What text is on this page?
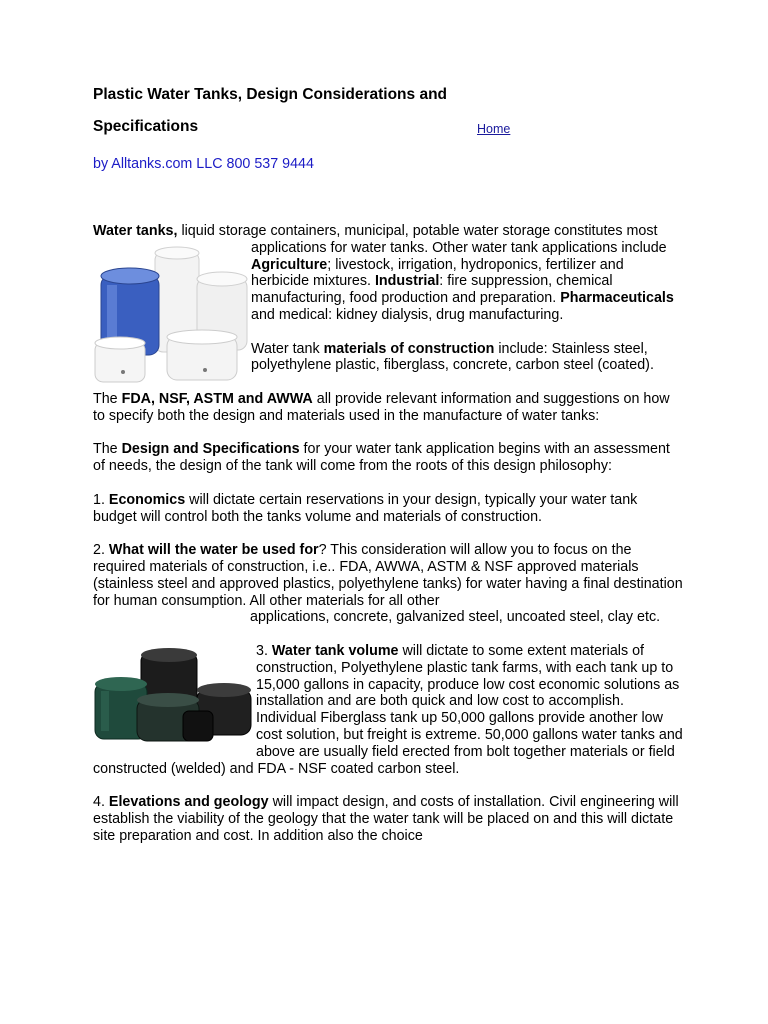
Plastic Water Tanks, Design Considerations and
Specifications	Home
by Alltanks.com LLC 800 537 9444

Water tanks, liquid storage containers, municipal, potable water storage constitutes most applications for water tanks. Other water tank applications include
Agriculture; livestock, irrigation, hydroponics, fertilizer and herbicide mixtures. Industrial: fire suppression, chemical manufacturing, food production and preparation. Pharmaceuticals and medical: kidney dialysis, drug manufacturing.

Water tank materials of construction include: Stainless steel, polyethylene plastic, fiberglass, concrete, carbon steel (coated).

The FDA, NSF, ASTM and AWWA all provide relevant information and suggestions on how to specify both the design and materials used in the manufacture of water tanks:

The Design and Specifications for your water tank application begins with an assessment of needs, the design of the tank will come from the roots of this design philosophy:

1. Economics will dictate certain reservations in your design, typically your water tank budget will control both the tanks volume and materials of construction.

2. What will the water be used for? This consideration will allow you to focus on the required materials of construction, i.e.. FDA, AWWA, ASTM & NSF approved materials (stainless steel and approved plastics, polyethylene tanks) for water having a final destination for human consumption. All other materials for all other

applications, concrete, galvanized steel, uncoated steel, clay etc.

3. Water tank volume will dictate to some extent materials of construction, Polyethylene plastic tank farms, with each tank up to 15,000 gallons in capacity, produce low cost economic solutions as installation and are both quick and low cost to accomplish. Individual Fiberglass tank up 50,000 gallons provide another low cost solution, but freight is extreme. 50,000 gallons water tanks and above are usually field erected from bolt together materials or field constructed (welded) and FDA - NSF coated carbon steel.

4. Elevations and geology will impact design, and costs of installation. Civil engineering will establish the viability of the geology that the water tank will be placed on and this will dictate site preparation and cost. In addition also the choice
